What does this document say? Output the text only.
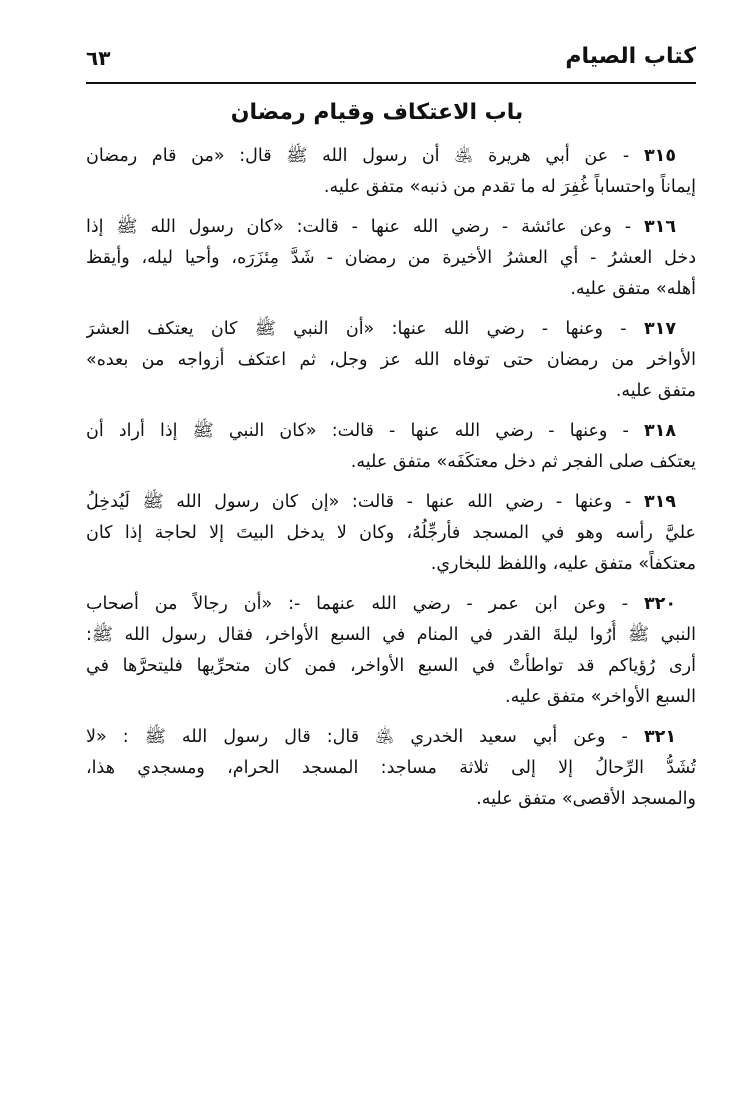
كتاب الصيام
٦٣
باب الاعتكاف وقيام رمضان
٣١٥ - عن أبي هريرة ﵁ أن رسول الله ﷺ قال: «من قام رمضان
إيماناً واحتساباً غُفِرَ له ما تقدم من ذنبه» متفق عليه.
٣١٦ - وعن عائشة - رضي الله عنها - قالت: «كان رسول الله ﷺ إذا
دخل العشرُ - أي العشرُ الأخيرة من رمضان - شَدَّ مِئزَرَه، وأحيا ليله، وأيقظ
أهله» متفق عليه.
٣١٧ - وعنها - رضي الله عنها: «أن النبي ﷺ كان يعتكف العشرَ
الأواخر من رمضان حتى توفاه الله عز وجل، ثم اعتكف أزواجه من بعده»
متفق عليه.
٣١٨ - وعنها - رضي الله عنها - قالت: «كان النبي ﷺ إذا أراد أن
يعتكف صلى الفجر ثم دخل معتكَفَه» متفق عليه.
٣١٩ - وعنها - رضي الله عنها - قالت: «إن كان رسول الله ﷺ لَيُدخِلُ
عليَّ رأسه وهو في المسجد فأرجِّلُهُ، وكان لا يدخل البيتَ إلا لحاجة إذا كان
معتكفاً» متفق عليه، واللفظ للبخاري.
٣٢٠ - وعن ابن عمر - رضي الله عنهما -: «أن رجالاً من أصحاب
النبي ﷺ أُرُوا ليلةَ القدر في المنام في السبع الأواخر، فقال رسول الله ﷺ:
أرى رُؤياكم قد تواطأتْ في السبع الأواخر، فمن كان متحرِّيها فليتحرَّها في
السبع الأواخر» متفق عليه.
٣٢١ - وعن أبي سعيد الخدري ﵁ قال: قال رسول الله ﷺ : «لا
تُشَدُّ الرِّحالُ إلا إلى ثلاثة مساجد: المسجد الحرام، ومسجدي هذا،
والمسجد الأقصى» متفق عليه.
